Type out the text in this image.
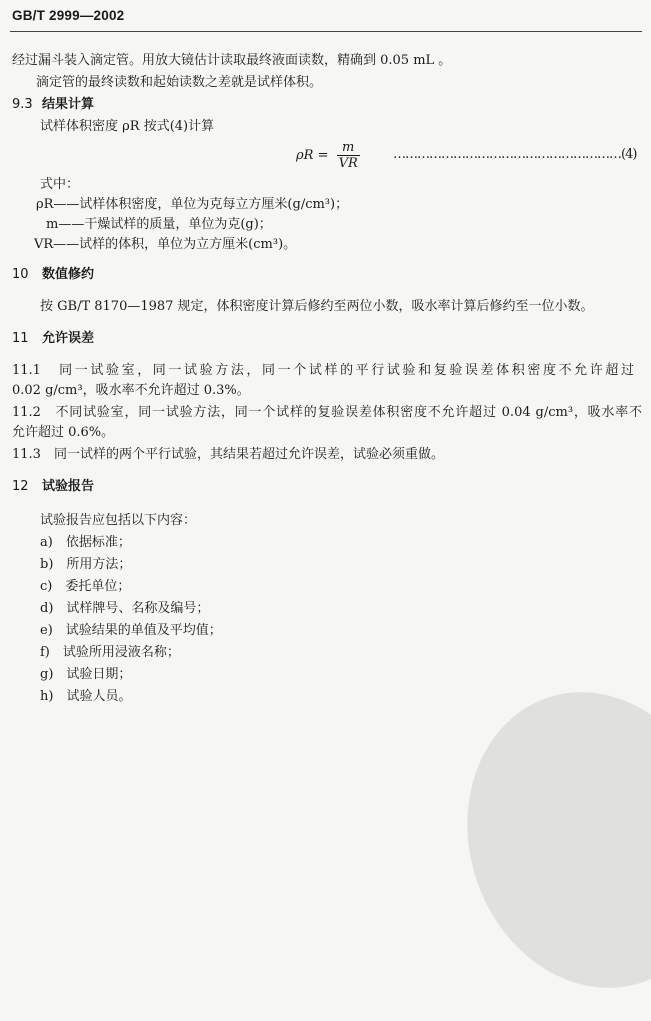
GB/T 2999—2002
经过漏斗装入滴定管。用放大镜估计读取最终液面读数，精确到 0.05 mL 。
滴定管的最终读数和起始读数之差就是试样体积。
9.3 结果计算
试样体积密度 ρR 按式(4)计算
$\rho R = \frac{m}{VR}$	…………………………………………………(4)
式中：
ρR——试样体积密度，单位为克每立方厘米(g/cm³)；
m——干燥试样的质量，单位为克(g)；
VR——试样的体积，单位为立方厘米(cm³)。
10 数值修约
按 GB/T 8170—1987 规定，体积密度计算后修约至两位小数，吸水率计算后修约至一位小数。
11 允许误差
11.1　同一试验室，同一试验方法，同一个试样的平行试验和复验误差体积密度不允许超过
0.02 g/cm³，吸水率不允许超过 0.3%。
11.2　不同试验室，同一试验方法，同一个试样的复验误差体积密度不允许超过 0.04 g/cm³，吸水率不
允许超过 0.6%。
11.3　同一试样的两个平行试验，其结果若超过允许误差，试验必须重做。
12 试验报告
试验报告应包括以下内容：
a)　依据标准；
b)　所用方法；
c)　委托单位；
d)　试样牌号、名称及编号；
e)　试验结果的单值及平均值；
f)　试验所用浸液名称；
g)　试验日期；
h)　试验人员。
